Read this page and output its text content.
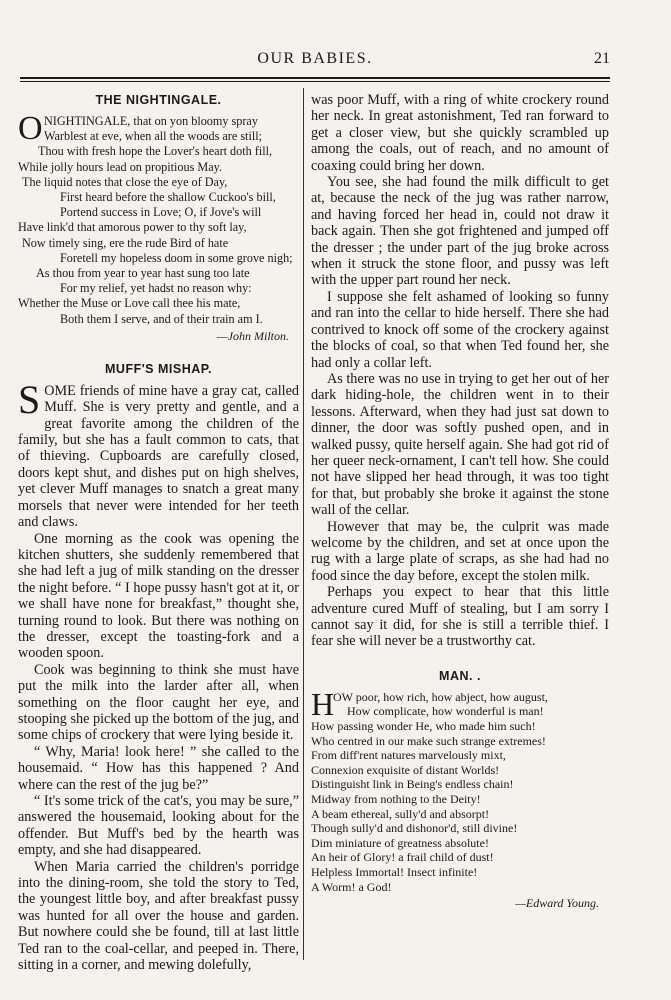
OUR BABIES.	21
THE NIGHTINGALE.
O NIGHTINGALE, that on yon bloomy spray
Warblest at eve, when all the woods are still;
Thou with fresh hope the Lover's heart doth fill,
While jolly hours lead on propitious May.
The liquid notes that close the eye of Day,
First heard before the shallow Cuckoo's bill,
Portend success in Love; O, if Jove's will
Have link'd that amorous power to thy soft lay,
Now timely sing, ere the rude Bird of hate
Foretell my hopeless doom in some grove nigh;
As thou from year to year hast sung too late
For my relief, yet hadst no reason why:
Whether the Muse or Love call thee his mate,
Both them I serve, and of their train am I.
—John Milton.
MUFF'S MISHAP.

SOME friends of mine have a gray cat, called Muff. She is very pretty and gentle, and a great favorite among the children of the family, but she has a fault common to cats, that of thieving. Cupboards are carefully closed, doors kept shut, and dishes put on high shelves, yet clever Muff manages to snatch a great many morsels that never were intended for her teeth and claws.

One morning as the cook was opening the kitchen shutters, she suddenly remembered that she had left a jug of milk standing on the dresser the night before. “ I hope pussy hasn't got at it, or we shall have none for breakfast,” thought she, turning round to look. But there was nothing on the dresser, except the toasting-fork and a wooden spoon.

Cook was beginning to think she must have put the milk into the larder after all, when something on the floor caught her eye, and stooping she picked up the bottom of the jug, and some chips of crockery that were lying beside it.

“ Why, Maria! look here! ” she called to the housemaid. “ How has this happened ? And where can the rest of the jug be?”

“ It's some trick of the cat's, you may be sure,” answered the housemaid, looking about for the offender. But Muff's bed by the hearth was empty, and she had disappeared.

When Maria carried the children's porridge into the dining-room, she told the story to Ted, the youngest little boy, and after breakfast pussy was hunted for all over the house and garden. But nowhere could she be found, till at last little Ted ran to the coal-cellar, and peeped in. There, sitting in a corner, and mewing dolefully,

was poor Muff, with a ring of white crockery round her neck. In great astonishment, Ted ran forward to get a closer view, but she quickly scrambled up among the coals, out of reach, and no amount of coaxing could bring her down.

You see, she had found the milk difficult to get at, because the neck of the jug was rather narrow, and having forced her head in, could not draw it back again. Then she got frightened and jumped off the dresser ; the under part of the jug broke across when it struck the stone floor, and pussy was left with the upper part round her neck.

I suppose she felt ashamed of looking so funny and ran into the cellar to hide herself. There she had contrived to knock off some of the crockery against the blocks of coal, so that when Ted found her, she had only a collar left.

As there was no use in trying to get her out of her dark hiding-hole, the children went in to their lessons. Afterward, when they had just sat down to dinner, the door was softly pushed open, and in walked pussy, quite herself again. She had got rid of her queer neck-ornament, I can't tell how. She could not have slipped her head through, it was too tight for that, but probably she broke it against the stone wall of the cellar.

However that may be, the culprit was made welcome by the children, and set at once upon the rug with a large plate of scraps, as she had had no food since the day before, except the stolen milk.

Perhaps you expect to hear that this little adventure cured Muff of stealing, but I am sorry I cannot say it did, for she is still a terrible thief. I fear she will never be a trustworthy cat.

MAN. .
H
OW poor, how rich, how abject, how august,
How complicate, how wonderful is man!
How passing wonder He, who made him such!
Who centred in our make such strange extremes!
From diff'rent natures marvelously mixt,
Connexion exquisite of distant Worlds!
Distinguisht link in Being's endless chain!
Midway from nothing to the Deity!
A beam ethereal, sully'd and absorpt!
Though sully'd and dishonor'd, still divine!
Dim miniature of greatness absolute!
An heir of Glory! a frail child of dust!
Helpless Immortal! Insect infinite!
A Worm! a God!
—Edward Young.
